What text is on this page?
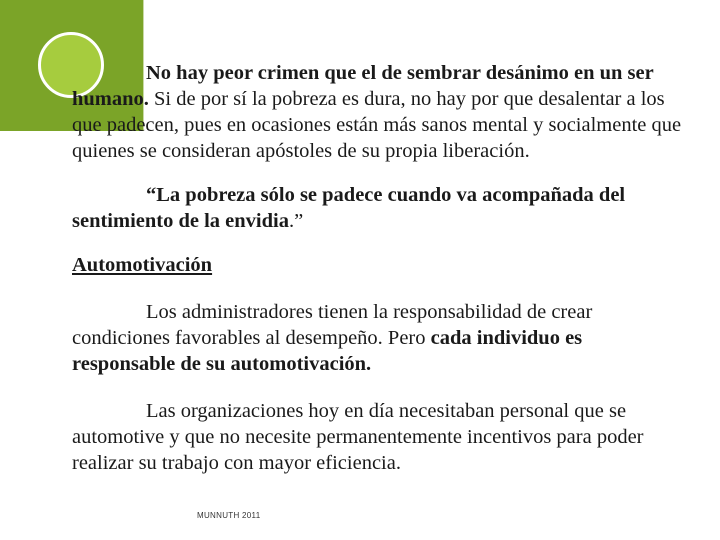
No hay peor crimen que el de sembrar desánimo en un ser humano. Si de por sí la pobreza es dura, no hay por que desalentar a los que padecen, pues en ocasiones están más sanos mental y socialmente que quienes se consideran apóstoles de su propia liberación.

“La pobreza sólo se padece cuando va acompañada del sentimiento de la envidia.”

Automotivación

Los administradores tienen la responsabilidad de crear condiciones favorables al desempeño. Pero cada individuo es responsable de su automotivación.

Las organizaciones hoy en día necesitaban personal que se automotive y que no necesite permanentemente incentivos para poder realizar su trabajo con mayor eficiencia.

MUNNUTH 2011
